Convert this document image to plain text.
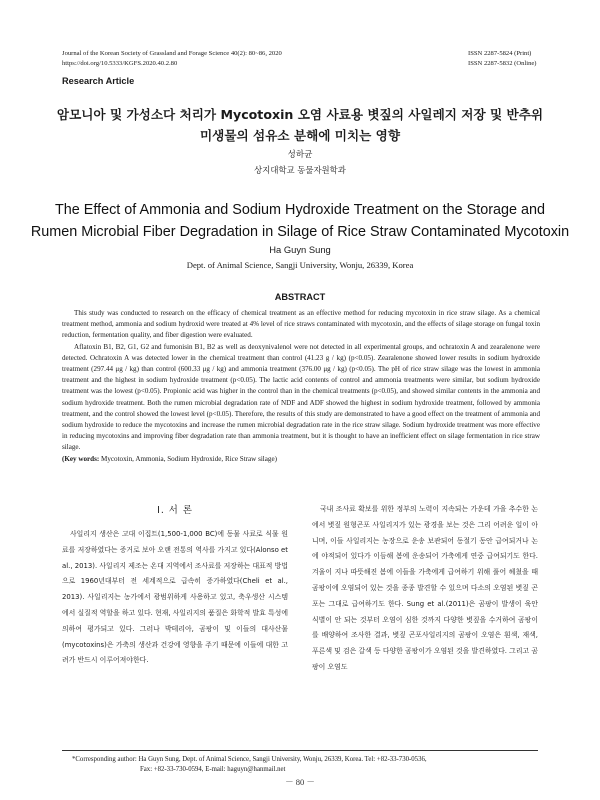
Journal of the Korean Society of Grassland and Forage Science 40(2): 80~86, 2020
https://doi.org/10.5333/KGFS.2020.40.2.80
ISSN 2287-5824 (Print)
ISSN 2287-5832 (Online)
Research Article
암모니아 및 가성소다 처리가 Mycotoxin 오염 사료용 볏짚의 사일레지 저장 및 반추위
미생물의 섬유소 분해에 미치는 영향
성하균
상지대학교 동물자원학과
The Effect of Ammonia and Sodium Hydroxide Treatment on the Storage and
Rumen Microbial Fiber Degradation in Silage of Rice Straw Contaminated Mycotoxin
Ha Guyn Sung
Dept. of Animal Science, Sangji University, Wonju, 26339, Korea
ABSTRACT

This study was conducted to research on the efficacy of chemical treatment as an effective method for reducing mycotoxin in rice straw silage. As a chemical treatment method, ammonia and sodium hydroxid were treated at 4% level of rice straws contaminated with mycotoxin, and the effects of silage storage on fungal toxin reduction, fermentation quality, and fiber digestion were evaluated.

Aflatoxin B1, B2, G1, G2 and fumonisin B1, B2 as well as deoxynivalenol were not detected in all experimental groups, and ochratoxin A and zearalenone were detected. Ochratoxin A was detected lower in the chemical treatment than control (41.23 g / kg) (p<0.05). Zearalenone showed lower results in sodium hydroxide treatment (297.44 μg / kg) than control (600.33 μg / kg) and ammonia treatment (376.00 μg / kg) (p<0.05). The pH of rice straw silage was the lowest in ammonia treatment and the highest in sodium hydroxide treatment (p<0.05). The lactic acid contents of control and ammonia treatments were similar, but sodium hydroxide treatment was the lowest (p<0.05). Propionic acid was higher in the control than in the chemical treatments (p<0.05), and showed similar contents in the ammonia and sodium hydroxide treatment. Both the rumen microbial degradation rate of NDF and ADF showed the highest in sodium hydroxide treatment, followed by ammonia treatment, and the control showed the lowest level (p<0.05). Therefore, the results of this study are demonstrated to have a good effect on the treatment of ammonia and sodium hydroxide to reduce the mycotoxins and increase the rumen microbial degradation rate in the rice straw silage. Sodium hydroxide treatment was more effective in reducing mycotoxins and improving fiber degradation rate than ammonia treatment, but it is thought to have an inefficient effect on silage fermentation in rice straw silage.

(Key words: Mycotoxin, Ammonia, Sodium Hydroxide, Rice Straw silage)

Ⅰ. 서 론

사일리지 생산은 고대 이집트(1,500-1,000 BC)에 동물 사료로 식물 원료를 저장하였다는 증거로 보아 오랜 전통의 역사를 가지고 있다(Alonso et al., 2013). 사일리지 제조는 온대 지역에서 조사료를 저장하는 대표적 방법으로 1960년대부터 전 세계적으로 급속히 증가하였다(Cheli et al., 2013). 사일리지는 농가에서 광범위하게 사용하고 있고, 축우생산 시스템에서 실질적 역할을 하고 있다. 현재, 사일리지의 품질은 화학적 발효 특성에 의하여 평가되고 있다. 그러나 박테리아, 곰팡이 및 이들의 대사산물(mycotoxins)은 가축의 생산과 건강에 영향을 주기 때문에 이들에 대한 고려가 반드시 이루어져야한다.

국내 조사료 확보를 위한 정부의 노력이 지속되는 가운데 가을 추수한 논에서 볏짚 원형곤포 사일리지가 있는 광경을 보는 것은 그리 어려운 일이 아니며, 이들 사일리지는 농장으로 운송 보관되어 동절기 동안 급여되거나 논에 야적되어 있다가 이듬해 봄에 운송되어 가축에게 연중 급여되기도 한다. 겨울이 지나 따뜻해진 봄에 이들을 가축에게 급여하기 위해 풀어 헤쳤을 때 곰팡이에 오염되어 있는 것을 종종 발견할 수 있으며 다소의 오염된 볏짚 곤포는 그대로 급여하기도 한다. Sung et al.(2011)은 곰팡이 발생이 육안 식별이 안 되는 것부터 오염이 심한 것까지 다양한 볏짚을 수거하여 곰팡이를 배양하여 조사한 결과, 볏짚 곤포사일리지의 곰팡이 오염은 흰색, 재색, 푸른색 및 검은 갈색 등 다양한 곰팡이가 오염된 것을 발견하였다. 그리고 곰팡이 오염도

*Corresponding author: Ha Guyn Sung, Dept. of Animal Science, Sangji University, Wonju, 26339, Korea. Tel: +82-33-730-0536,
Fax: +82-33-730-0594, E-mail: haguyn@hanmail.net
－ 80 －
